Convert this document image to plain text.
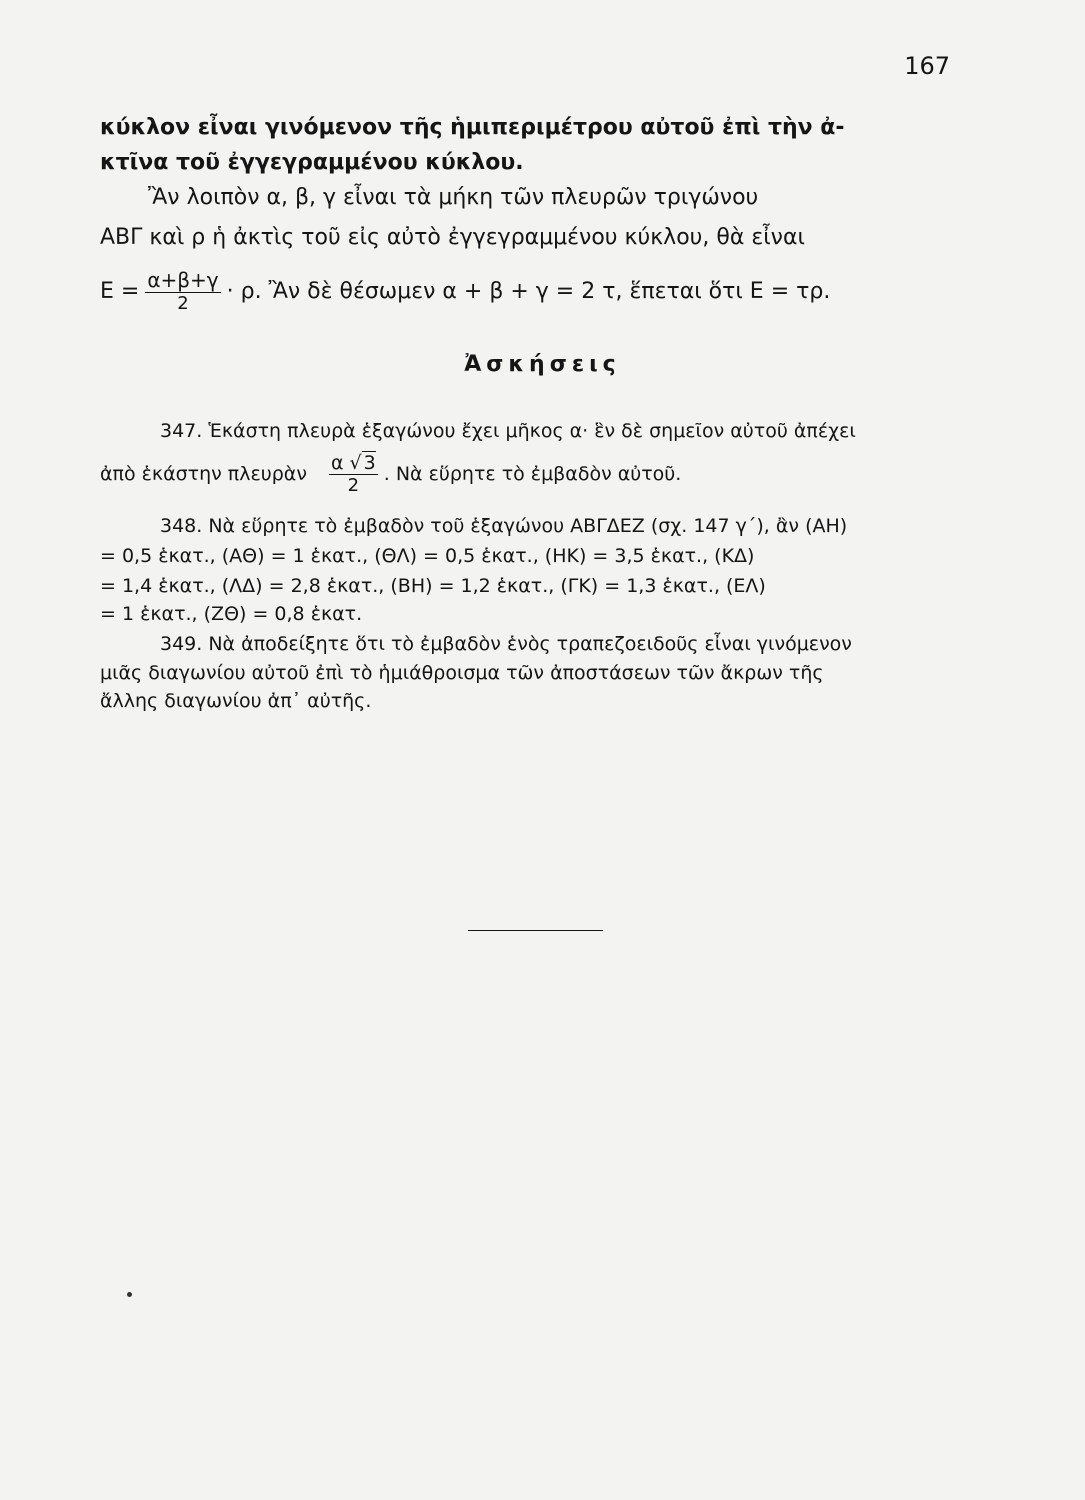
167
κύκλον εἶναι γινόμενον τῆς ἡμιπεριμέτρου αὐτοῦ ἐπὶ τὴν ἀ-
κτῖνα τοῦ ἐγγεγραμμένου κύκλου.
Ἂν λοιπὸν α, β, γ εἶναι τὰ μήκη τῶν πλευρῶν τριγώνου
ΑΒΓ καὶ ρ ἡ ἀκτὶς τοῦ εἰς αὐτὸ ἐγγεγραμμένου κύκλου, θὰ εἶναι
$E = \frac{\alpha+\beta+\gamma}{2} \cdot \rho$. Ἂν δὲ θέσωμεν α + β + γ = 2 τ, ἕπεται ὅτι Ε = τρ.
Ἀσκήσεις
347. Ἑκάστη πλευρὰ ἑξαγώνου ἔχει μῆκος α· ἓν δὲ σημεῖον αὐτοῦ ἀπέχει
ἀπὸ ἑκάστην πλευρὰν $\frac{\alpha √ 3}{2}$ . Νὰ εὕρητε τὸ ἐμβαδὸν αὐτοῦ.
348. Νὰ εὕρητε τὸ ἐμβαδὸν τοῦ ἑξαγώνου ΑΒΓΔΕΖ (σχ. 147 γ΄), ἂν (ΑΗ)
= 0,5 ἑκατ., (ΑΘ) = 1 ἑκατ., (ΘΛ) = 0,5 ἑκατ., (ΗΚ) = 3,5 ἑκατ., (ΚΔ)
= 1,4 ἑκατ., (ΛΔ) = 2,8 ἑκατ., (ΒΗ) = 1,2 ἑκατ., (ΓΚ) = 1,3 ἑκατ., (ΕΛ)
= 1 ἑκατ., (ΖΘ) = 0,8 ἑκατ.
349. Νὰ ἀποδείξητε ὅτι τὸ ἐμβαδὸν ἑνὸς τραπεζοειδοῦς εἶναι γινόμενον
μιᾶς διαγωνίου αὐτοῦ ἐπὶ τὸ ἡμιάθροισμα τῶν ἀποστάσεων τῶν ἄκρων τῆς
ἄλλης διαγωνίου ἀπ᾽ αὐτῆς.
